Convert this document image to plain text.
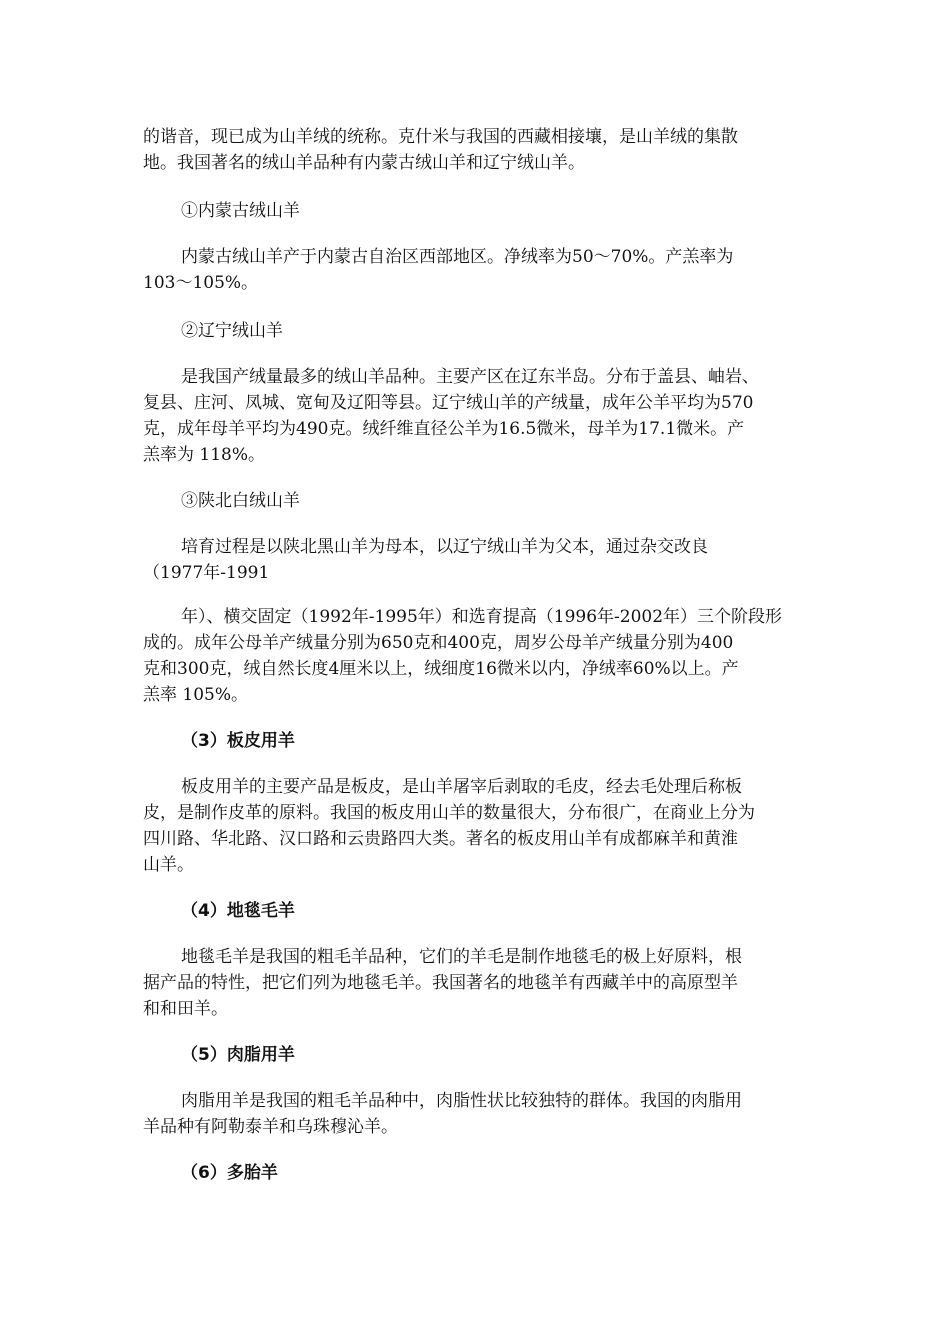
的谐音，现已成为山羊绒的统称。克什米与我国的西藏相接壤，是山羊绒的集散
地。我国著名的绒山羊品种有内蒙古绒山羊和辽宁绒山羊。

①内蒙古绒山羊

内蒙古绒山羊产于内蒙古自治区西部地区。净绒率为50～70%。产羔率为
103～105%。

②辽宁绒山羊

是我国产绒量最多的绒山羊品种。主要产区在辽东半岛。分布于盖县、岫岩、
复县、庄河、凤城、宽甸及辽阳等县。辽宁绒山羊的产绒量，成年公羊平均为570
克，成年母羊平均为490克。绒纤维直径公羊为16.5微米，母羊为17.1微米。产
羔率为 118%。

③陕北白绒山羊

培育过程是以陕北黑山羊为母本，以辽宁绒山羊为父本，通过杂交改良
（1977年-1991

年）、横交固定（1992年-1995年）和选育提高（1996年-2002年）三个阶段形
成的。成年公母羊产绒量分别为650克和400克，周岁公母羊产绒量分别为400
克和300克，绒自然长度4厘米以上，绒细度16微米以内，净绒率60%以上。产
羔率 105%。

（3）板皮用羊

板皮用羊的主要产品是板皮，是山羊屠宰后剥取的毛皮，经去毛处理后称板
皮，是制作皮革的原料。我国的板皮用山羊的数量很大，分布很广，在商业上分为
四川路、华北路、汉口路和云贵路四大类。著名的板皮用山羊有成都麻羊和黄淮
山羊。

（4）地毯毛羊

地毯毛羊是我国的粗毛羊品种，它们的羊毛是制作地毯毛的极上好原料，根
据产品的特性，把它们列为地毯毛羊。我国著名的地毯羊有西藏羊中的高原型羊
和和田羊。

（5）肉脂用羊

肉脂用羊是我国的粗毛羊品种中，肉脂性状比较独特的群体。我国的肉脂用
羊品种有阿勒泰羊和乌珠穆沁羊。

（6）多胎羊
